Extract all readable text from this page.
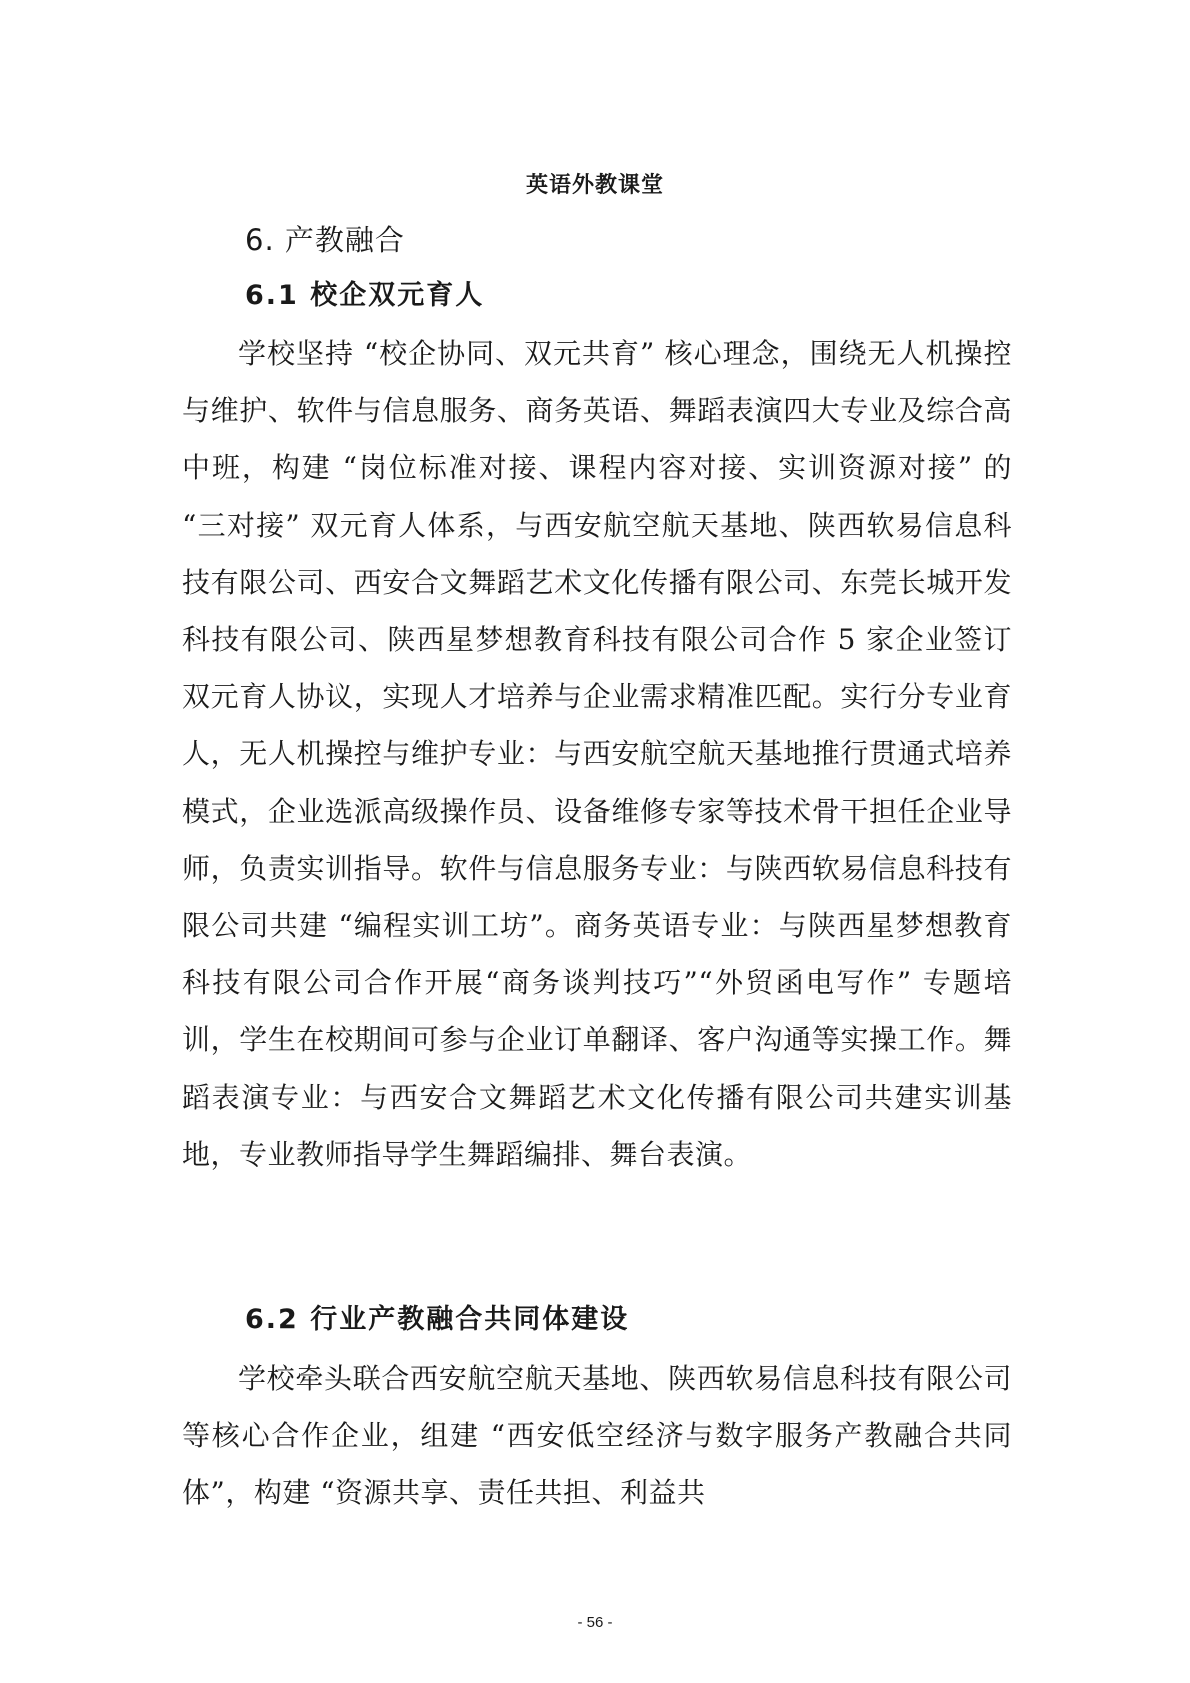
英语外教课堂

6. 产教融合
6.1 校企双元育人

学校坚持 “校企协同、双元共育” 核心理念，围绕无人机操控与维护、软件与信息服务、商务英语、舞蹈表演四大专业及综合高中班，构建 “岗位标准对接、课程内容对接、实训资源对接” 的 “三对接” 双元育人体系，与西安航空航天基地、陕西软易信息科技有限公司、西安合文舞蹈艺术文化传播有限公司、东莞长城开发科技有限公司、陕西星梦想教育科技有限公司合作 5 家企业签订双元育人协议，实现人才培养与企业需求精准匹配。实行分专业育人，无人机操控与维护专业：与西安航空航天基地推行贯通式培养模式，企业选派高级操作员、设备维修专家等技术骨干担任企业导师，负责实训指导。软件与信息服务专业：与陕西软易信息科技有限公司共建 “编程实训工坊”。商务英语专业：与陕西星梦想教育科技有限公司合作开展“商务谈判技巧”“外贸函电写作” 专题培训，学生在校期间可参与企业订单翻译、客户沟通等实操工作。舞蹈表演专业：与西安合文舞蹈艺术文化传播有限公司共建实训基地，专业教师指导学生舞蹈编排、舞台表演。

6.2 行业产教融合共同体建设

学校牵头联合西安航空航天基地、陕西软易信息科技有限公司等核心合作企业，组建 “西安低空经济与数字服务产教融合共同体”，构建 “资源共享、责任共担、利益共

- 56 -
